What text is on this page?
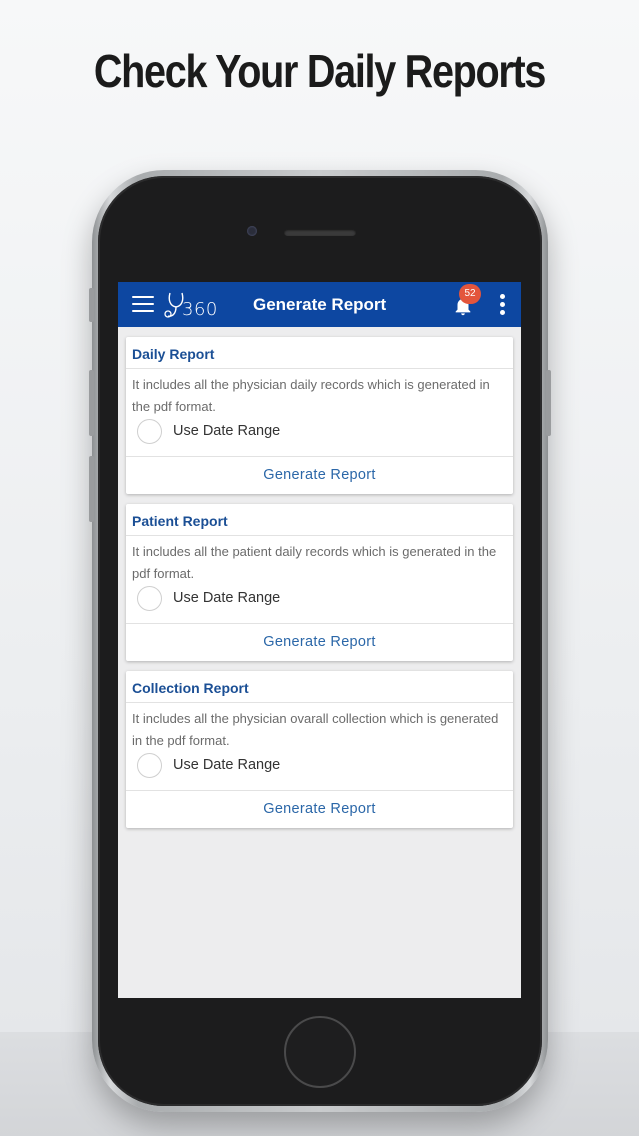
Check Your Daily Reports
360 Generate Report
52
Daily Report
It includes all the physician daily records which is generated in the pdf format.
Use Date Range
Generate Report
Patient Report
It includes all the patient daily records which is generated in the pdf format.
Use Date Range
Generate Report
Collection Report
It includes all the physician ovarall collection which is generated in the pdf format.
Use Date Range
Generate Report
